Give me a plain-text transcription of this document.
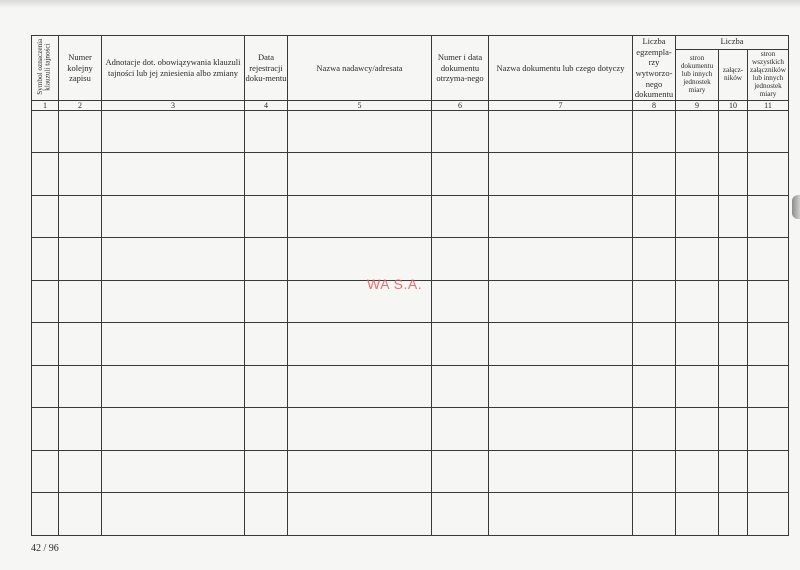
Symbol oznaczenia klauzuli tajności	Numer kolejny zapisu	Adnotacje dot. obowiązywania klauzuli tajności lub jej zniesienia albo zmiany	Data rejestracji doku-mentu	Nazwa nadawcy/adresata	Numer i data dokumentu otrzyma-nego	Nazwa dokumentu lub czego dotyczy	Liczba egzempla-rzy wytworzo-nego dokumentu	Liczba		
								stron dokumentu lub innych jednostek miary	załącz-ników	stron wszystkich załączników lub innych jednostek miary
1	2	3	4	5	6	7	8	9	10	11

WA S.A.
42 / 96
